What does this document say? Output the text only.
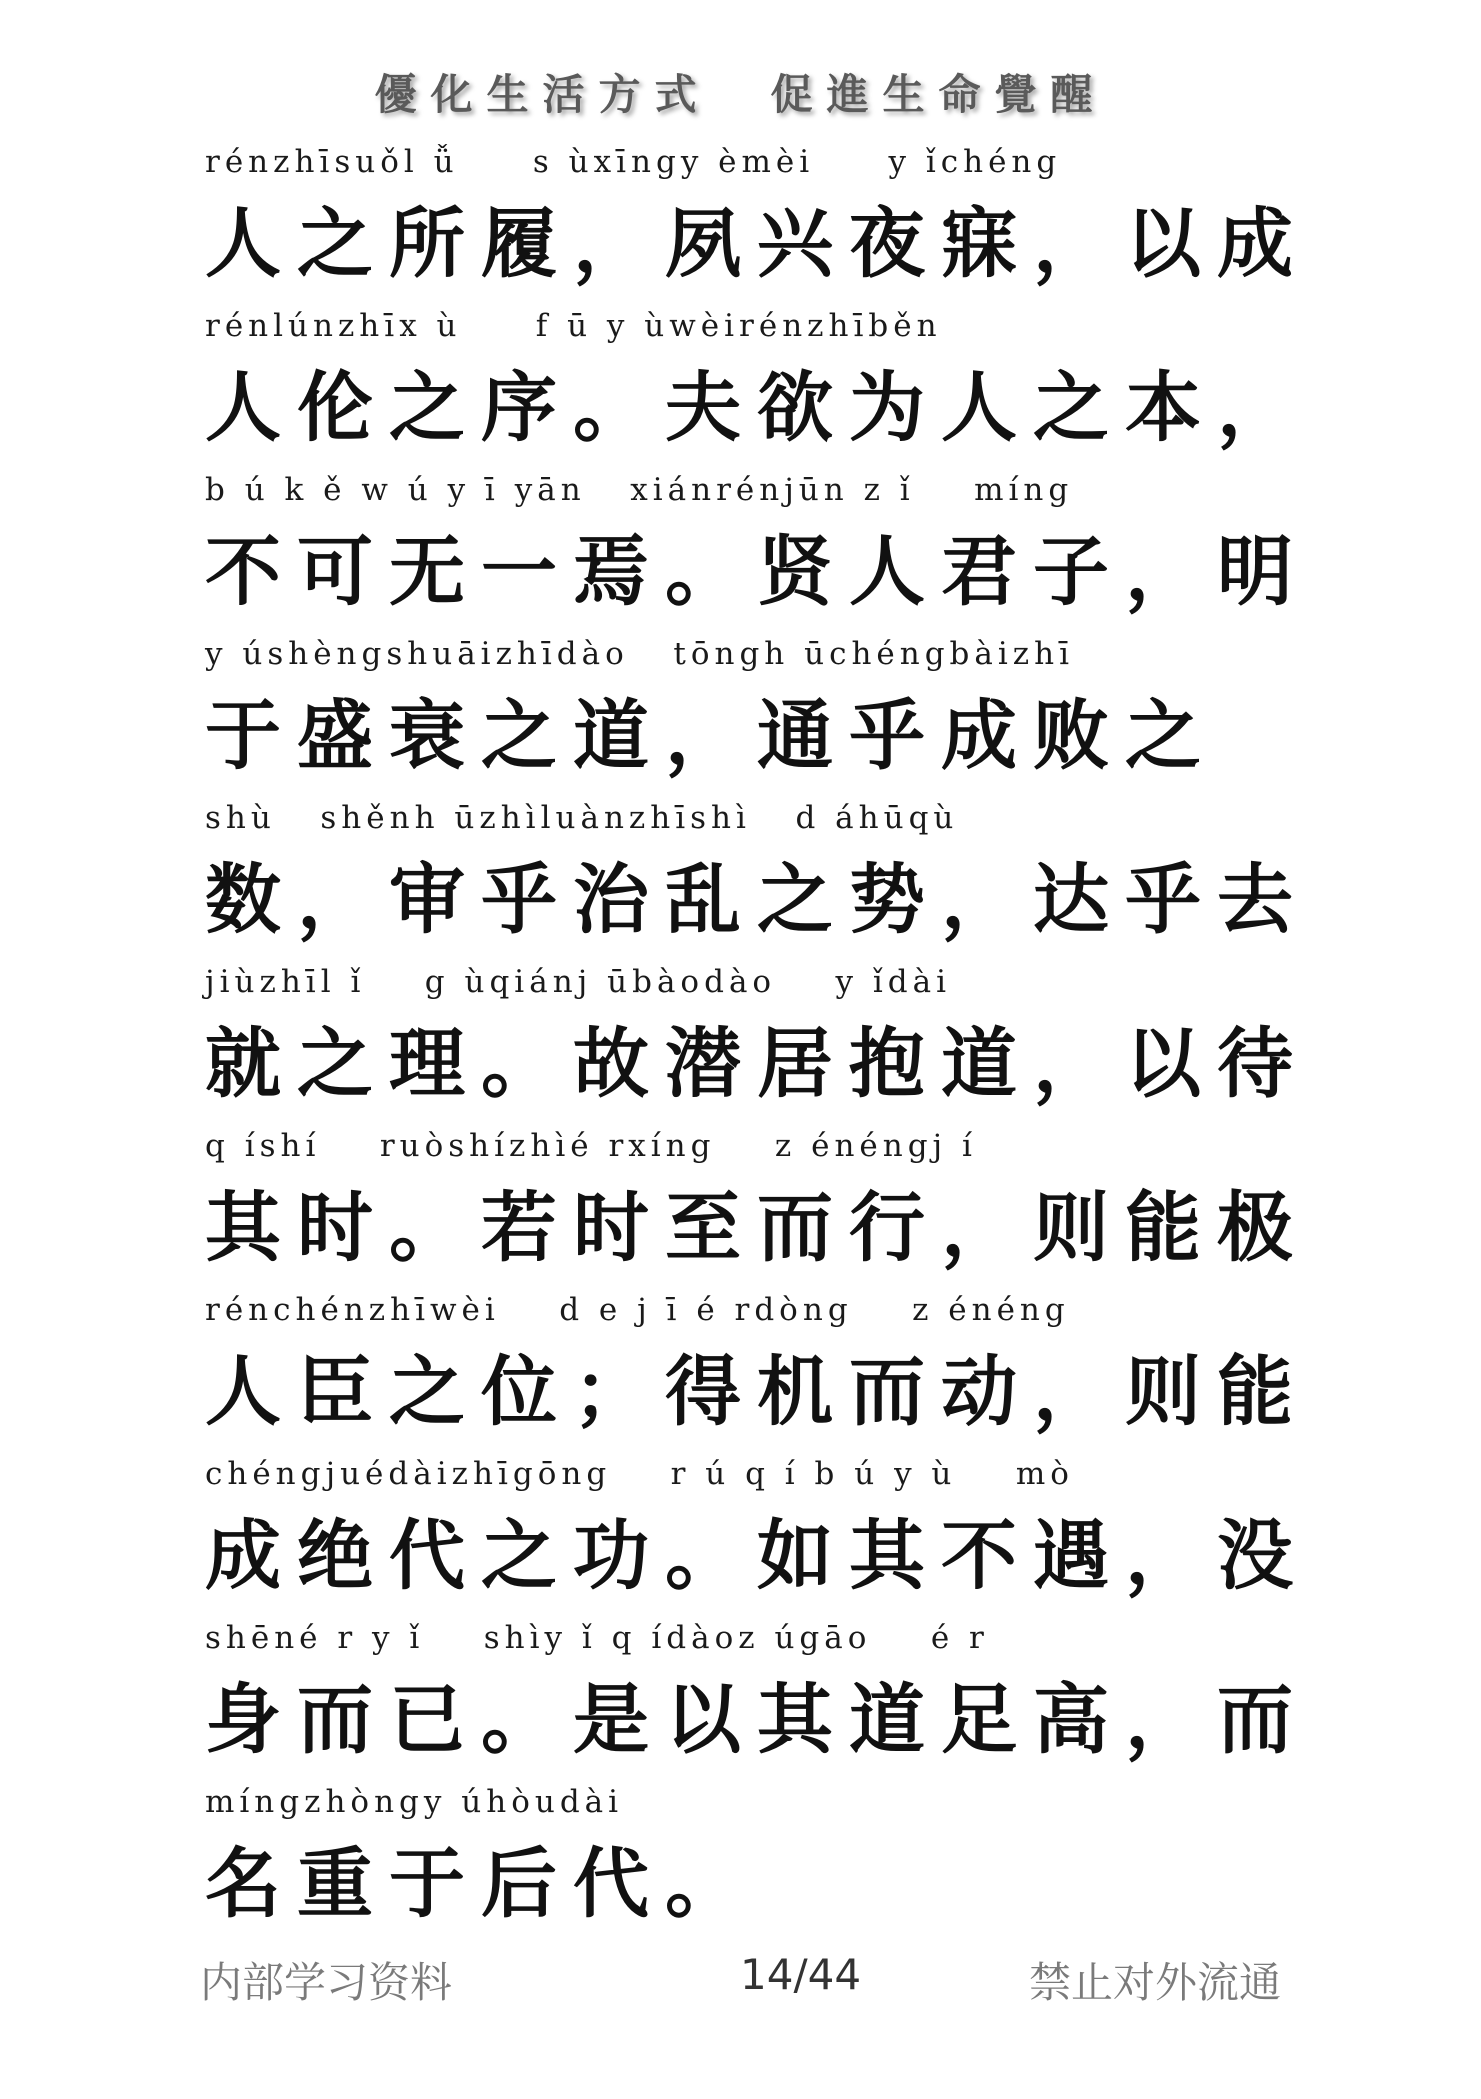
優化生活方式 促進生命覺醒
rénzhīsuǒl ǚ     s ùxīngy èmèi     y ǐchéng
人之所履，夙兴夜寐，以成
rénlúnzhīx ù     f ū y ùwèirénzhīběn
人伦之序。夫欲为人之本，
b ú k ě w ú y ī yān   xiánrénjūn z ǐ    míng
不可无一焉。贤人君子，明
y úshèngshuāizhīdào   tōngh ūchéngbàizhī
于盛衰之道，通乎成败之
shù   shěnh ūzhìluànzhīshì   d áhūqù
数，审乎治乱之势，达乎去
jiùzhīl ǐ    g ùqiánj ūbàodào    y ǐdài
就之理。故潜居抱道，以待
q íshí    ruòshízhìé rxíng    z énéngj í
其时。若时至而行，则能极
rénchénzhīwèi    d e j ī é rdòng    z énéng
人臣之位；得机而动，则能
chéngjuédàizhīgōng    r ú q í b ú y ù    mò
成绝代之功。如其不遇，没
shēné r y ǐ    shìy ǐ q ídàoz úgāo    é r
身而已。是以其道足高，而
míngzhòngy úhòudài
名重于后代。
内部学习资料	14/44	禁止对外流通
